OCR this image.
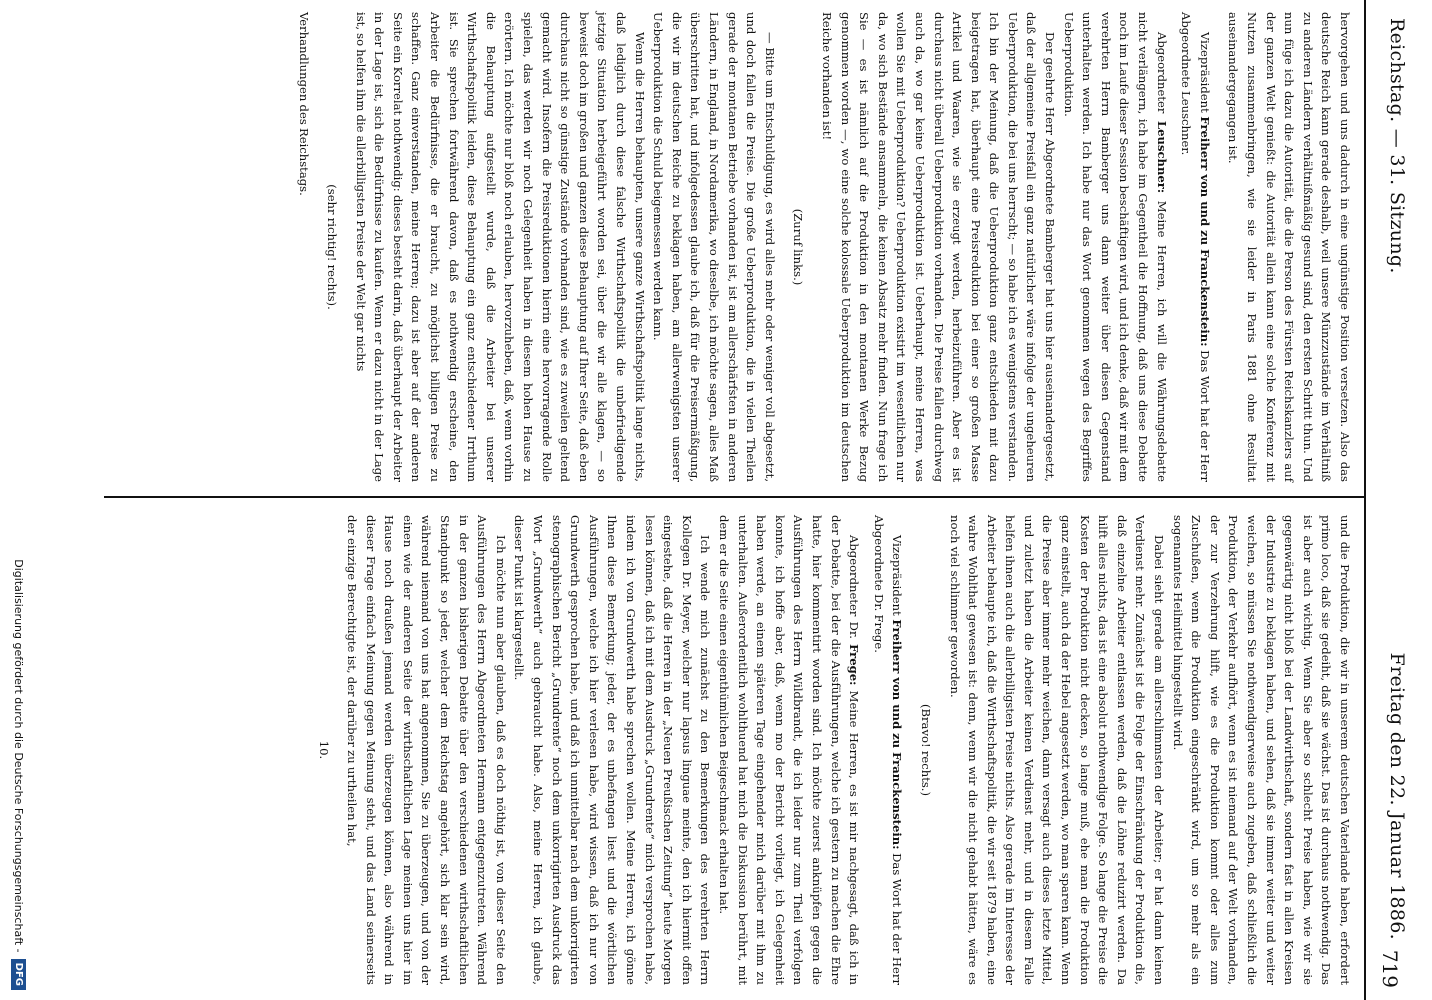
Reichstag. — 31. Sitzung.
Freitag den 22. Januar 1886.
719

hervorgehen und uns dadurch in eine ungünstige Position versetzen. Also das deutsche Reich kann gerade deshalb, weil unsere Münzzustände im Verhältniß zu anderen Ländern verhältnißmäßig gesund sind, den ersten Schritt thun. Und nun füge ich dazu die Autorität, die die Person des Fürsten Reichskanzlers auf der ganzen Welt genießt: die Autorität allein kann eine solche Konferenz mit Nutzen zusammenbringen, wie sie leider in Paris 1881 ohne Resultat auseinandergegangen ist.

Vizepräsident Freiherr von und zu Franckenstein: Das Wort hat der Herr Abgeordnete Leuschner.

Abgeordneter Leuschner: Meine Herren, ich will die Währungsdebatte nicht verlängern, ich habe im Gegentheil die Hoffnung, daß uns diese Debatte noch im Laufe dieser Session beschäftigen wird, und ich denke, daß wir mit dem verehrten Herrn Bamberger uns dann weiter über diesen Gegenstand unterhalten werden. Ich habe nur das Wort genommen wegen des Begriffes Ueberproduktion.

Der geehrte Herr Abgeordnete Bamberger hat uns hier auseinandergesetzt, daß der allgemeine Preisfall ein ganz natürlicher wäre infolge der ungeheuren Ueberproduktion, die bei uns herrscht; — so habe ich es wenigstens verstanden. Ich bin der Meinung, daß die Ueberproduktion ganz entschieden mit dazu beigetragen hat, überhaupt eine Preisreduktion bei einer so großen Masse Artikel und Waaren, wie sie erzeugt werden, herbeizuführen. Aber es ist durchaus nicht überall Ueberproduktion vorhanden. Die Preise fallen durchweg auch da, wo gar keine Ueberproduktion ist. Ueberhaupt, meine Herren, was wollen Sie mit Ueberproduktion? Ueberproduktion existirt im wesentlichen nur da, wo sich Bestände ansammeln, die keinen Absatz mehr finden. Nun frage ich Sie — es ist nämlich auf die Produktion in den montanen Werke Bezug genommen worden —, wo eine solche kolossale Ueberproduktion im deutschen Reiche vorhanden ist!

(Zuruf links.)

— Bitte um Entschuldigung, es wird alles mehr oder weniger voll abgesetzt, und doch fallen die Preise. Die große Ueberproduktion, die in vielen Theilen gerade der montanen Betriebe vorhanden ist, ist am allerschärfsten in anderen Ländern, in England, in Nordamerika, wo dieselbe, ich möchte sagen, alles Maß überschritten hat, und infolgedessen glaube ich, daß für die Preisermäßigung, die wir im deutschen Reiche zu beklagen haben, am allerwenigsten unserer Ueberproduktion die Schuld beigemessen werden kann.

Wenn die Herren behaupten, unsere ganze Wirthschaftspolitik lange nichts, daß lediglich durch diese falsche Wirthschaftspolitik die unbefriedigende jetzige Situation herbeigeführt worden sei, über die wir alle klagen, — so beweist doch im großen und ganzen diese Behauptung auf Ihrer Seite, daß eben durchaus nicht so günstige Zustände vorhanden sind, wie es zuweilen geltend gemacht wird. Insofern die Preisreduktionen hierin eine hervorragende Rolle spielen, das werden wir noch Gelegenheit haben in diesem hohen Hause zu erörtern. Ich möchte nur bloß noch erlauben, hervorzuheben, daß, wenn vorhin die Behauptung aufgestellt wurde, daß die Arbeiter bei unserer Wirthschaftspolitik leiden, diese Behauptung ein ganz entschiedener Irrthum ist. Sie sprechen fortwährend davon, daß es nothwendig erscheine, den Arbeiter die Bedürfnisse, die er braucht, zu möglichst billigen Preise zu schaffen. Ganz einverstanden, meine Herren; dazu ist aber auf der anderen Seite ein Korrelat nothwendig: dieses besteht darin, daß überhaupt der Arbeiter in der Lage ist, sich die Bedürfnisse zu kaufen. Wenn er dazu nicht in der Lage ist, so helfen ihm die allerbilligsten Preise der Welt gar nichts

(sehr richtig! rechts).

Verhandlungen des Reichstags.

und die Produktion, die wir in unserem deutschen Vaterlande haben, erfordert primo loco, daß sie gedeiht, daß sie wächst. Das ist durchaus nothwendig. Das ist aber auch wichtig. Wenn Sie aber so schlecht Preise haben, wie wir sie gegenwärtig nicht bloß bei der Landwirthschaft, sondern fast in allen Kreisen der Industrie zu beklagen haben, und sehen, daß sie immer weiter und weiter weichen, so müssen Sie nothwendigerweise auch zugeben, daß schließlich die Produktion, der Verkehr aufhört, wenn es ist niemand auf der Welt vorhanden, der zur Verzehrung hilft, wie es die Produktion kommt oder alles zum Zuschußen, wenn die Produktion eingeschränkt wird, um so mehr als ein sogenanntes Heilmittel hingestellt wird.

Dabei sieht gerade am allerschlimmsten der Arbeiter; er hat dann keinen Verdienst mehr. Zunächst ist die Folge der Einschränkung der Produktion die, daß einzelne Arbeiter entlassen werden, daß die Löhne reduzirt werden. Da hilft alles nichts, das ist eine absolut nothwendige Folge. So lange die Preise die Kosten der Produktion nicht decken, so lange muß, ehe man die Produktion ganz einstellt, auch da der Hebel angesetzt werden, wo man sparen kann. Wenn die Preise aber immer mehr weichen, dann versagt auch dieses letzte Mittel, und zuletzt haben die Arbeiter keinen Verdienst mehr, und in diesem Falle helfen ihnen auch die allerbilligsten Preise nichts. Also gerade im Interesse der Arbeiter behaupte ich, daß die Wirthschaftspolitik, die wir seit 1879 haben, eine wahre Wohlthat gewesen ist: denn, wenn wir die nicht gehabt hätten, wäre es noch viel schlimmer geworden.

(Bravo! rechts.)

Vizepräsident Freiherr von und zu Franckenstein: Das Wort hat der Herr Abgeordnete Dr. Frege.

Abgeordneter Dr. Frege: Meine Herren, es ist mir nachgesagt, daß ich in der Debatte, bei der die Ausführungen, welche ich gestern zu machen die Ehre hatte, hier kommentirt worden sind. Ich möchte zuerst anknüpfen gegen die Ausführungen des Herrn Wildbrandt, die ich leider nur zum Theil verfolgen konnte, ich hoffe aber, daß, wenn mo der Bericht vorliegt, ich Gelegenheit haben werde, an einem späteren Tage eingehender mich darüber mit ihm zu unterhalten. Außerordentlich wohlthuend hat mich die Diskussion berührt, mit dem er die Seite einen eigenthümlichen Beigeschmack erhalten hat.

Ich wende mich zunächst zu den Bemerkungen des verehrten Herrn Kollegen Dr. Meyer, welcher nur lapsus linguae meinte, den ich hiermit offen eingestehe, daß die Herren in der „Neuen Preußischen Zeitung“ heute Morgen lesen können, daß ich mit dem Ausdruck „Grundrente“ mich versprochen habe, indem ich von Grundwerth habe sprechen wollen. Meine Herren, ich gönne Ihnen diese Bemerkung; jeder, der es unbefangen liest und die wörtlichen Ausführungen, welche ich hier verlesen habe, wird wissen, daß ich nur von Grundwerth gesprochen habe, und daß ich unmittelbar nach dem unkorrigirten stenographischen Bericht „Grundrente“ noch dem unkorrigirten Ausdruck das Wort „Grundwerth“ auch gebraucht habe. Also, meine Herren, ich glaube, dieser Punkt ist klargestellt.

Ich möchte nun aber glauben, daß es doch nöthig ist, von dieser Seite den Ausführungen des Herrn Abgeordneten Hermann entgegenzutreten. Während in der ganzen bisherigen Debatte über den verschiedenen wirthschaftlichen Standpunkt so jeder, welcher dem Reichstag angehört, sich klar sein wird, während niemand von uns hat angenommen, Sie zu überzeugen, und von der einen wie der anderen Seite der wirthschaftlichen Lage meinen uns hier im Hause noch draußen jemand werden überzeugen können, also während in dieser Frage einfach Meinung gegen Meinung steht, und das Land seinerseits der einzige Berechtigte ist, der darüber zu urtheilen hat,

10.

Digitalisierung gefördert durch die Deutsche Forschungsgemeinschaft -
DFG
